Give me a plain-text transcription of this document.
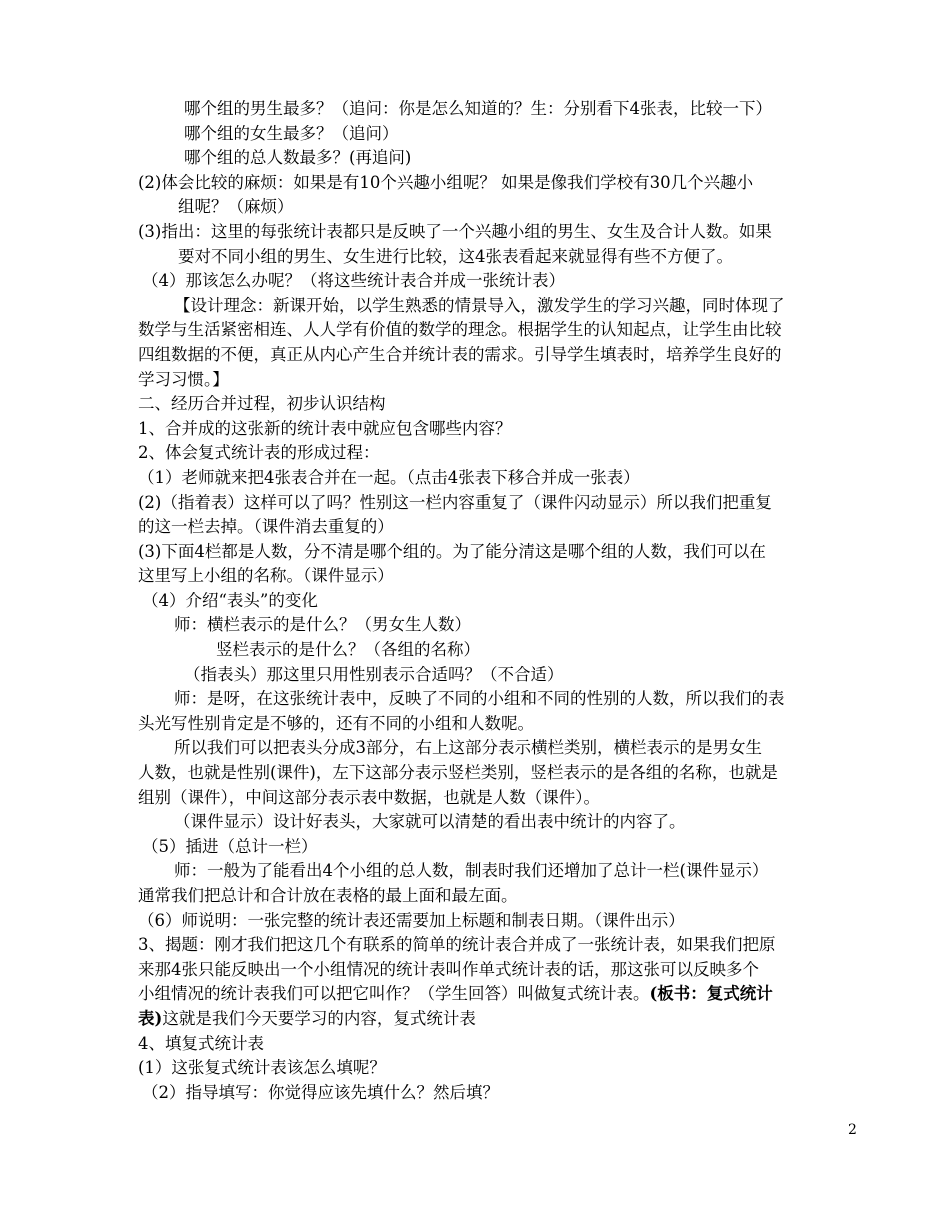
哪个组的男生最多？（追问：你是怎么知道的？生：分别看下4张表，比较一下）
哪个组的女生最多？（追问）
哪个组的总人数最多？(再追问)
(2)体会比较的麻烦：如果是有10个兴趣小组呢？ 如果是像我们学校有30几个兴趣小
组呢？（麻烦）
(3)指出：这里的每张统计表都只是反映了一个兴趣小组的男生、女生及合计人数。如果
要对不同小组的男生、女生进行比较，这4张表看起来就显得有些不方便了。
（4）那该怎么办呢？（将这些统计表合并成一张统计表）
【设计理念：新课开始，以学生熟悉的情景导入，激发学生的学习兴趣，同时体现了
数学与生活紧密相连、人人学有价值的数学的理念。根据学生的认知起点，让学生由比较
四组数据的不便，真正从内心产生合并统计表的需求。引导学生填表时，培养学生良好的
学习习惯。】
二、经历合并过程，初步认识结构
1、合并成的这张新的统计表中就应包含哪些内容？
2、体会复式统计表的形成过程：
（1）老师就来把4张表合并在一起。（点击4张表下移合并成一张表）
(2)（指着表）这样可以了吗？性别这一栏内容重复了（课件闪动显示）所以我们把重复
的这一栏去掉。（课件消去重复的）
(3)下面4栏都是人数，分不清是哪个组的。为了能分清这是哪个组的人数，我们可以在
这里写上小组的名称。（课件显示）
（4）介绍“表头”的变化
师：横栏表示的是什么？（男女生人数）
竖栏表示的是什么？（各组的名称）
（指表头）那这里只用性别表示合适吗？（不合适）
师：是呀，在这张统计表中，反映了不同的小组和不同的性别的人数，所以我们的表
头光写性别肯定是不够的，还有不同的小组和人数呢。
所以我们可以把表头分成3部分，右上这部分表示横栏类别，横栏表示的是男女生
人数，也就是性别(课件)，左下这部分表示竖栏类别，竖栏表示的是各组的名称，也就是
组别（课件），中间这部分表示表中数据，也就是人数（课件）。
（课件显示）设计好表头，大家就可以清楚的看出表中统计的内容了。
（5）插进（总计一栏）
师：一般为了能看出4个小组的总人数，制表时我们还增加了总计一栏(课件显示）
通常我们把总计和合计放在表格的最上面和最左面。
（6）师说明：一张完整的统计表还需要加上标题和制表日期。（课件出示）
3、揭题：刚才我们把这几个有联系的简单的统计表合并成了一张统计表，如果我们把原
来那4张只能反映出一个小组情况的统计表叫作单式统计表的话，那这张可以反映多个
小组情况的统计表我们可以把它叫作？（学生回答）叫做复式统计表。(板书：复式统计
表)这就是我们今天要学习的内容，复式统计表
4、填复式统计表
(1）这张复式统计表该怎么填呢？
（2）指导填写：你觉得应该先填什么？然后填？
2
